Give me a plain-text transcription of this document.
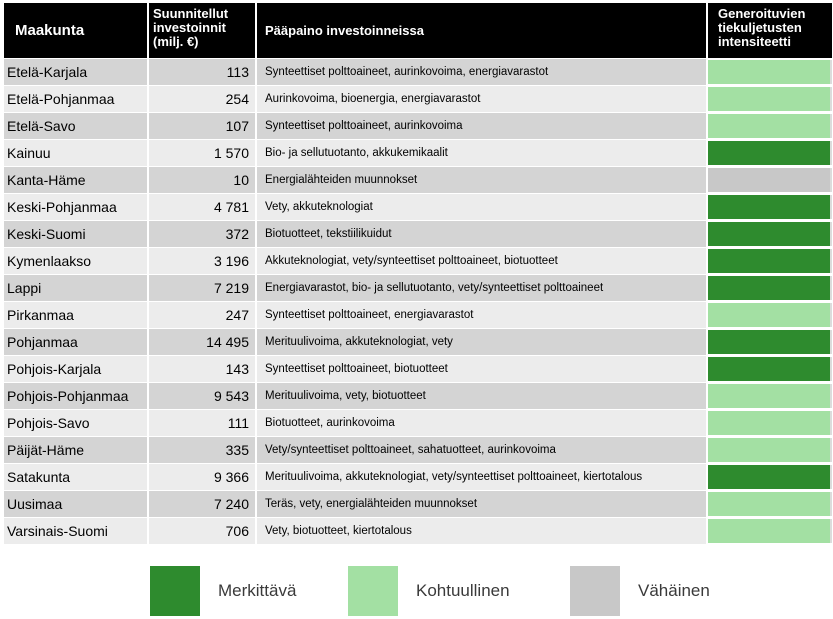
Maakunta
Suunnitellut
investoinnit
(milj. €)
Pääpaino investoinneissa
Generoituvien
tiekuljetusten
intensiteetti
Etelä-Karjala	113	Synteettiset polttoaineet, aurinkovoima, energiavarastot
Etelä-Pohjanmaa	254	Aurinkovoima, bioenergia, energiavarastot
Etelä-Savo	107	Synteettiset polttoaineet, aurinkovoima
Kainuu	1 570	Bio- ja sellutuotanto, akkukemikaalit
Kanta-Häme	10	Energialähteiden muunnokset
Keski-Pohjanmaa	4 781	Vety, akkuteknologiat
Keski-Suomi	372	Biotuotteet, tekstiilikuidut
Kymenlaakso	3 196	Akkuteknologiat, vety/synteettiset polttoaineet, biotuotteet
Lappi	7 219	Energiavarastot, bio- ja sellutuotanto, vety/synteettiset polttoaineet
Pirkanmaa	247	Synteettiset polttoaineet, energiavarastot
Pohjanmaa	14 495	Merituulivoima, akkuteknologiat, vety
Pohjois-Karjala	143	Synteettiset polttoaineet, biotuotteet
Pohjois-Pohjanmaa	9 543	Merituulivoima, vety, biotuotteet
Pohjois-Savo	111	Biotuotteet, aurinkovoima
Päijät-Häme	335	Vety/synteettiset polttoaineet, sahatuotteet, aurinkovoima
Satakunta	9 366	Merituulivoima, akkuteknologiat, vety/synteettiset polttoaineet, kiertotalous
Uusimaa	7 240	Teräs, vety, energialähteiden muunnokset
Varsinais-Suomi	706	Vety, biotuotteet, kiertotalous
Merkittävä	Kohtuullinen	Vähäinen
